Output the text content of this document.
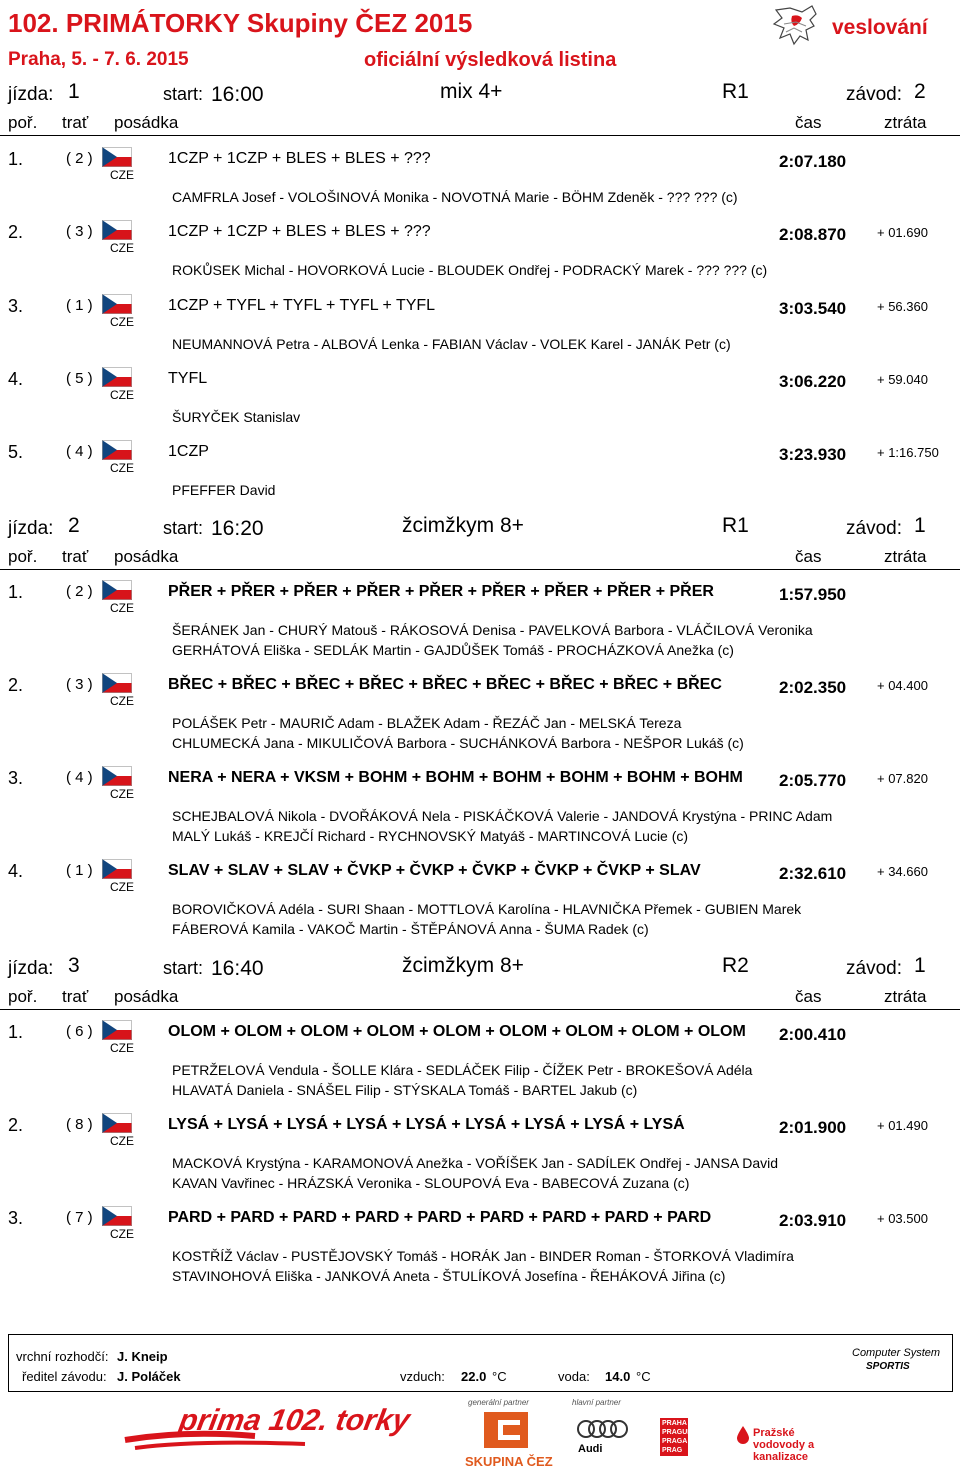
102. PRIMÁTORKY Skupiny ČEZ 2015
Praha, 5. - 7. 6. 2015	oficiální výsledková listina
veslování
jízda: 1	start: 16:00	mix 4+	R1	závod: 2
poř. trať posádka	čas	ztráta
1.	( 2 )
CZE
1CZP + 1CZP + BLES + BLES + ???	2:07.180
CAMFRLA Josef - VOLOŠINOVÁ Monika - NOVOTNÁ Marie - BÖHM Zdeněk - ??? ??? (c)
2.	( 3 )
CZE
1CZP + 1CZP + BLES + BLES + ???	2:08.870 + 01.690
ROKŮSEK Michal - HOVORKOVÁ Lucie - BLOUDEK Ondřej - PODRACKÝ Marek - ??? ??? (c)
3.	( 1 )
CZE
1CZP + TYFL + TYFL + TYFL + TYFL	3:03.540 + 56.360
NEUMANNOVÁ Petra - ALBOVÁ Lenka - FABIAN Václav - VOLEK Karel - JANÁK Petr (c)
4.	( 5 )
CZE
TYFL	3:06.220 + 59.040
ŠURYČEK Stanislav
5.	( 4 )
CZE
1CZP	3:23.930 + 1:16.750
PFEFFER David
jízda: 2	start: 16:20	žcimžkym 8+	R1	závod: 1
poř. trať posádka	čas	ztráta
1.	( 2 )
CZE
PŘER + PŘER + PŘER + PŘER + PŘER + PŘER + PŘER + PŘER + PŘER	1:57.950
ŠERÁNEK Jan - CHURÝ Matouš - RÁKOSOVÁ Denisa - PAVELKOVÁ Barbora - VLÁČILOVÁ Veronika
GERHÁTOVÁ Eliška - SEDLÁK Martin - GAJDŮŠEK Tomáš - PROCHÁZKOVÁ Anežka (c)
2.	( 3 )
CZE
BŘEC + BŘEC + BŘEC + BŘEC + BŘEC + BŘEC + BŘEC + BŘEC + BŘEC	2:02.350 + 04.400
POLÁŠEK Petr - MAURIČ Adam - BLAŽEK Adam - ŘEZÁČ Jan - MELSKÁ Tereza
CHLUMECKÁ Jana - MIKULIČOVÁ Barbora - SUCHÁNKOVÁ Barbora - NEŠPOR Lukáš (c)
3.	( 4 )
CZE
NERA + NERA + VKSM + BOHM + BOHM + BOHM + BOHM + BOHM + BOHM 2:05.770 + 07.820
SCHEJBALOVÁ Nikola - DVOŘÁKOVÁ Nela - PISKÁČKOVÁ Valerie - JANDOVÁ Krystýna - PRINC Adam
MALÝ Lukáš - KREJČÍ Richard - RYCHNOVSKÝ Matyáš - MARTINCOVÁ Lucie (c)
4.	( 1 )
CZE
SLAV + SLAV + SLAV + ČVKP + ČVKP + ČVKP + ČVKP + ČVKP + SLAV	2:32.610 + 34.660
BOROVIČKOVÁ Adéla - SURI Shaan - MOTTLOVÁ Karolína - HLAVNIČKA Přemek - GUBIEN Marek
FÁBEROVÁ Kamila - VAKOČ Martin - ŠTĚPÁNOVÁ Anna - ŠUMA Radek (c)
jízda: 3	start: 16:40	žcimžkym 8+	R2	závod: 1
poř. trať posádka	čas	ztráta
1.	( 6 )
CZE
OLOM + OLOM + OLOM + OLOM + OLOM + OLOM + OLOM + OLOM + OLOM 2:00.410
PETRŽELOVÁ Vendula - ŠOLLE Klára - SEDLÁČEK Filip - ČÍŽEK Petr - BROKEŠOVÁ Adéla
HLAVATÁ Daniela - SNÁŠEL Filip - STÝSKALA Tomáš - BARTEL Jakub (c)
2.	( 8 )
CZE
LYSÁ + LYSÁ + LYSÁ + LYSÁ + LYSÁ + LYSÁ + LYSÁ + LYSÁ + LYSÁ	2:01.900 + 01.490
MACKOVÁ Krystýna - KARAMONOVÁ Anežka - VOŘÍŠEK Jan - SADÍLEK Ondřej - JANSA David
KAVAN Vavřinec - HRÁZSKÁ Veronika - SLOUPOVÁ Eva - BABECOVÁ Zuzana (c)
3.	( 7 )
CZE
PARD + PARD + PARD + PARD + PARD + PARD + PARD + PARD + PARD	2:03.910 + 03.500
KOSTŘÍŽ Václav - PUSTĚJOVSKÝ Tomáš - HORÁK Jan - BINDER Roman - ŠTORKOVÁ Vladimíra
STAVINOHOVÁ Eliška - JANKOVÁ Aneta - ŠTULÍKOVÁ Josefína - ŘEHÁKOVÁ Jiřina (c)
vrchní rozhodčí: J. Kneip
ředitel závodu: J. Poláček	vzduch: 22.0 °C	voda: 14.0 °C
Computer System
SPORTIS
prima 102. torky
generální partner
SKUPINA ČEZ
hlavní partner
Audi
PRAHA PRAGUE PRAGA PRAG
Pražské vodovody a kanalizace
